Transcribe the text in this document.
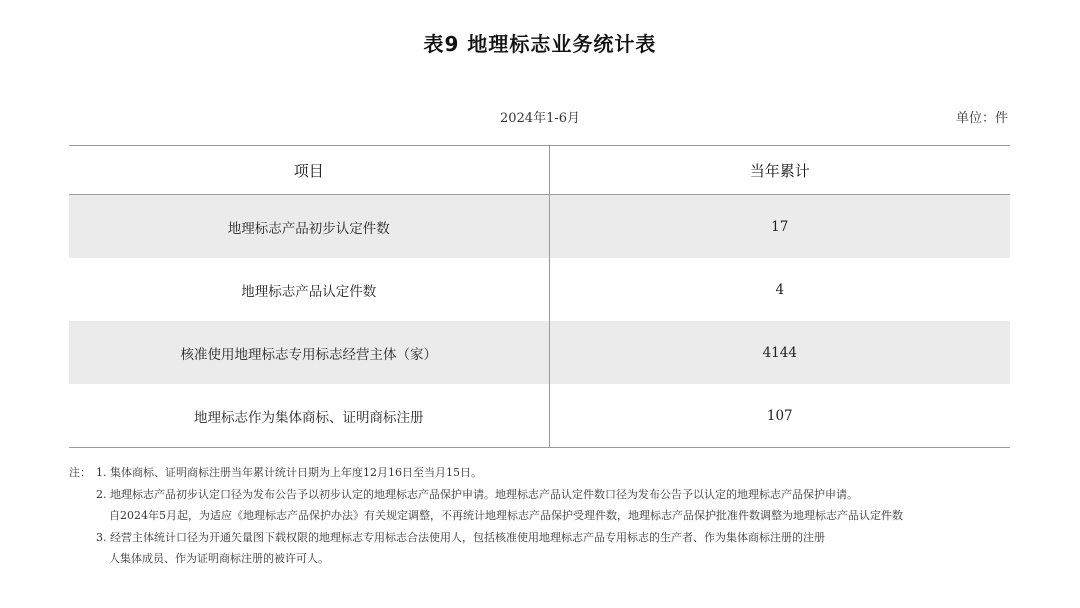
表9 地理标志业务统计表
2024年1-6月	单位：件
项目	当年累计
地理标志产品初步认定件数	17
地理标志产品认定件数	4
核准使用地理标志专用标志经营主体（家）	4144
地理标志作为集体商标、证明商标注册	107
注： 1. 集体商标、证明商标注册当年累计统计日期为上年度12月16日至当月15日。
2. 地理标志产品初步认定口径为发布公告予以初步认定的地理标志产品保护申请。地理标志产品认定件数口径为发布公告予以认定的地理标志产品保护申请。
自2024年5月起，为适应《地理标志产品保护办法》有关规定调整，不再统计地理标志产品保护受理件数，地理标志产品保护批准件数调整为地理标志产品认定件数
3. 经营主体统计口径为开通矢量图下载权限的地理标志专用标志合法使用人，包括核准使用地理标志产品专用标志的生产者、作为集体商标注册的注册
人集体成员、作为证明商标注册的被许可人。
